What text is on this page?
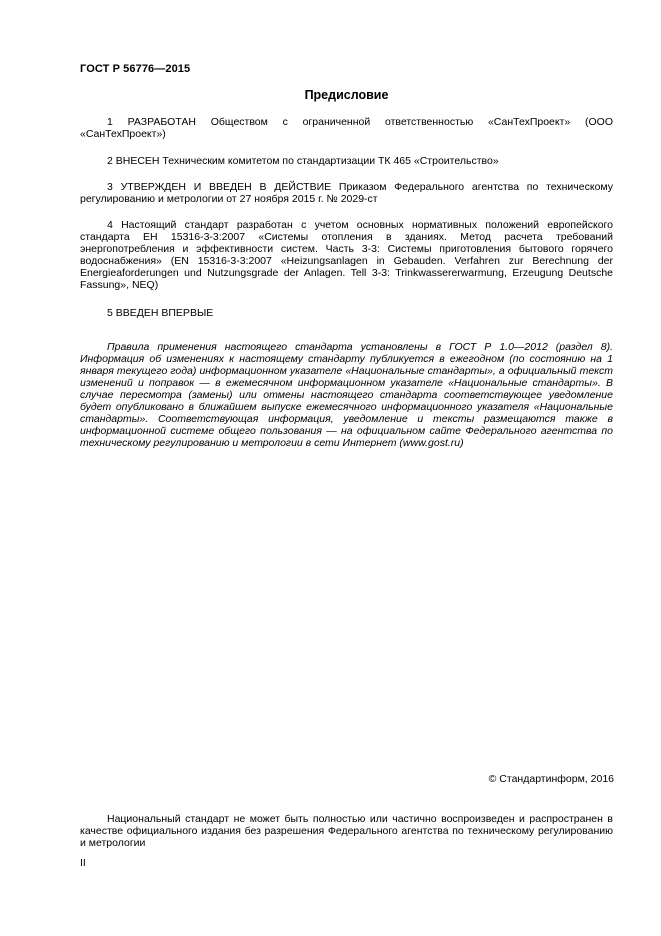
ГОСТ Р 56776—2015
Предисловие

1 РАЗРАБОТАН Обществом с ограниченной ответственностью «СанТехПроект» (ООО «СанТехПроект»)

2 ВНЕСЕН Техническим комитетом по стандартизации ТК 465 «Строительство»

3 УТВЕРЖДЕН И ВВЕДЕН В ДЕЙСТВИЕ Приказом Федерального агентства по техническому регулированию и метрологии от 27 ноября 2015 г. № 2029-ст

4 Настоящий стандарт разработан с учетом основных нормативных положений европейского стандарта ЕН 15316-3-3:2007 «Системы отопления в зданиях. Метод расчета требований энергопотребления и эффективности систем. Часть 3-3: Системы приготовления бытового горячего водоснабжения» (EN 15316-3-3:2007 «Heizungsanlagen in Gebauden. Verfahren zur Berechnung der Energieaforderungen und Nutzungsgrade der Anlagen. Tell 3-3: Trinkwassererwarmung, Erzeugung Deutsche Fassung», NEQ)

5 ВВЕДЕН ВПЕРВЫЕ

Правила применения настоящего стандарта установлены в ГОСТ Р 1.0—2012 (раздел 8). Информация об изменениях к настоящему стандарту публикуется в ежегодном (по состоянию на 1 января текущего года) информационном указателе «Национальные стандарты», а официальный текст изменений и поправок — в ежемесячном информационном указателе «Национальные стандарты». В случае пересмотра (замены) или отмены настоящего стандарта соответствующее уведомление будет опубликовано в ближайшем выпуске ежемесячного информационного указателя «Национальные стандарты». Соответствующая информация, уведомление и тексты размещаются также в информационной системе общего пользования — на официальном сайте Федерального агентства по техническому регулированию и метрологии в сети Интернет (www.gost.ru)

© Стандартинформ, 2016

Национальный стандарт не может быть полностью или частично воспроизведен и распространен в качестве официального издания без разрешения Федерального агентства по техническому регулированию и метрологии

II
